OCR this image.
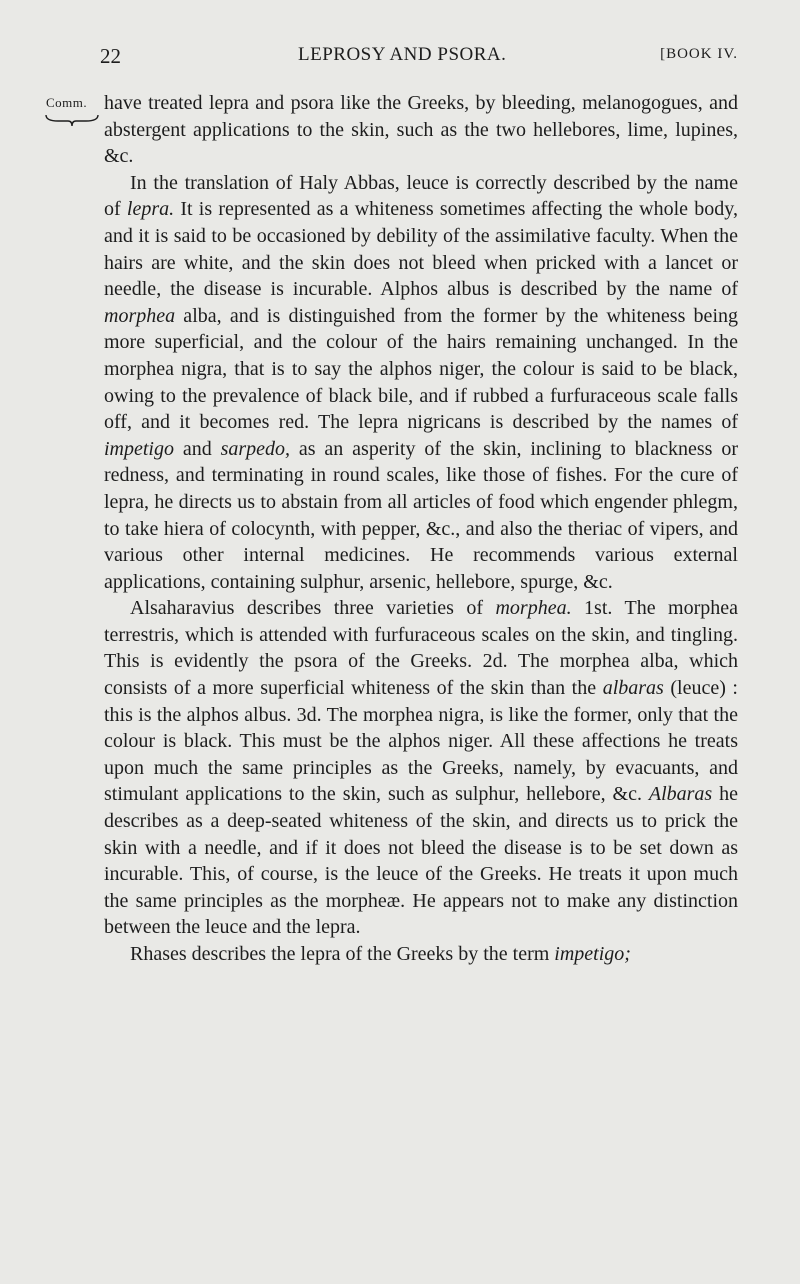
22	LEPROSY AND PSORA.	[BOOK IV.
Comm. have treated lepra and psora like the Greeks, by bleeding, melanogogues, and abstergent applications to the skin, such as the two hellebores, lime, lupines, &c.

In the translation of Haly Abbas, leuce is correctly described by the name of lepra. It is represented as a whiteness sometimes affecting the whole body, and it is said to be occasioned by debility of the assimilative faculty. When the hairs are white, and the skin does not bleed when pricked with a lancet or needle, the disease is incurable. Alphos albus is described by the name of morphea alba, and is distinguished from the former by the whiteness being more superficial, and the colour of the hairs remaining unchanged. In the morphea nigra, that is to say the alphos niger, the colour is said to be black, owing to the prevalence of black bile, and if rubbed a furfuraceous scale falls off, and it becomes red. The lepra nigricans is described by the names of impetigo and sarpedo, as an asperity of the skin, inclining to blackness or redness, and terminating in round scales, like those of fishes. For the cure of lepra, he directs us to abstain from all articles of food which engender phlegm, to take hiera of colocynth, with pepper, &c., and also the theriac of vipers, and various other internal medicines. He recommends various external applications, containing sulphur, arsenic, hellebore, spurge, &c.

Alsaharavius describes three varieties of morphea. 1st. The morphea terrestris, which is attended with furfuraceous scales on the skin, and tingling. This is evidently the psora of the Greeks. 2d. The morphea alba, which consists of a more superficial whiteness of the skin than the albaras (leuce) : this is the alphos albus. 3d. The morphea nigra, is like the former, only that the colour is black. This must be the alphos niger. All these affections he treats upon much the same principles as the Greeks, namely, by evacuants, and stimulant applications to the skin, such as sulphur, hellebore, &c. Albaras he describes as a deep-seated whiteness of the skin, and directs us to prick the skin with a needle, and if it does not bleed the disease is to be set down as incurable. This, of course, is the leuce of the Greeks. He treats it upon much the same principles as the morpheæ. He appears not to make any distinction between the leuce and the lepra.

Rhases describes the lepra of the Greeks by the term impetigo;
